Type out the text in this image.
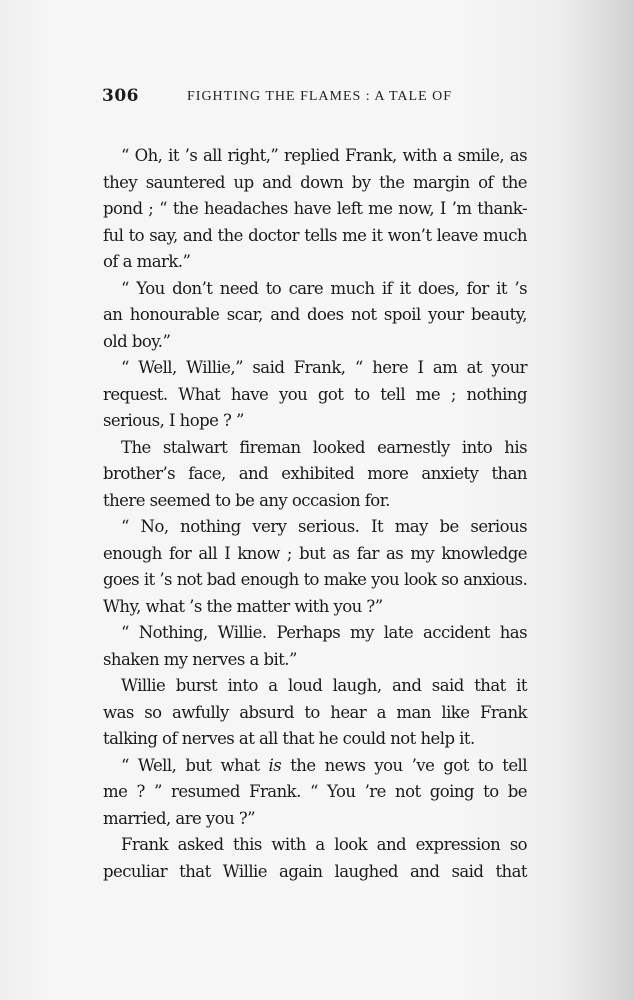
306	FIGHTING THE FLAMES : A TALE OF
“ Oh, it ’s all right,” replied Frank, with a smile, as
they sauntered up and down by the margin of the
pond ; “ the headaches have left me now, I ’m thank-
ful to say, and the doctor tells me it won’t leave much
of a mark.”
“ You don’t need to care much if it does, for it ’s
an honourable scar, and does not spoil your beauty,
old boy.”
“ Well, Willie,” said Frank, “ here I am at your
request. What have you got to tell me ; nothing
serious, I hope ? ”
The stalwart fireman looked earnestly into his
brother’s face, and exhibited more anxiety than
there seemed to be any occasion for.
“ No, nothing very serious. It may be serious
enough for all I know ; but as far as my knowledge
goes it ’s not bad enough to make you look so anxious.
Why, what ’s the matter with you ?”
“ Nothing, Willie. Perhaps my late accident has
shaken my nerves a bit.”
Willie burst into a loud laugh, and said that it
was so awfully absurd to hear a man like Frank
talking of nerves at all that he could not help it.
“ Well, but what is the news you ’ve got to tell
me ? ” resumed Frank. “ You ’re not going to be
married, are you ?”
Frank asked this with a look and expression so
peculiar that Willie again laughed and said that
